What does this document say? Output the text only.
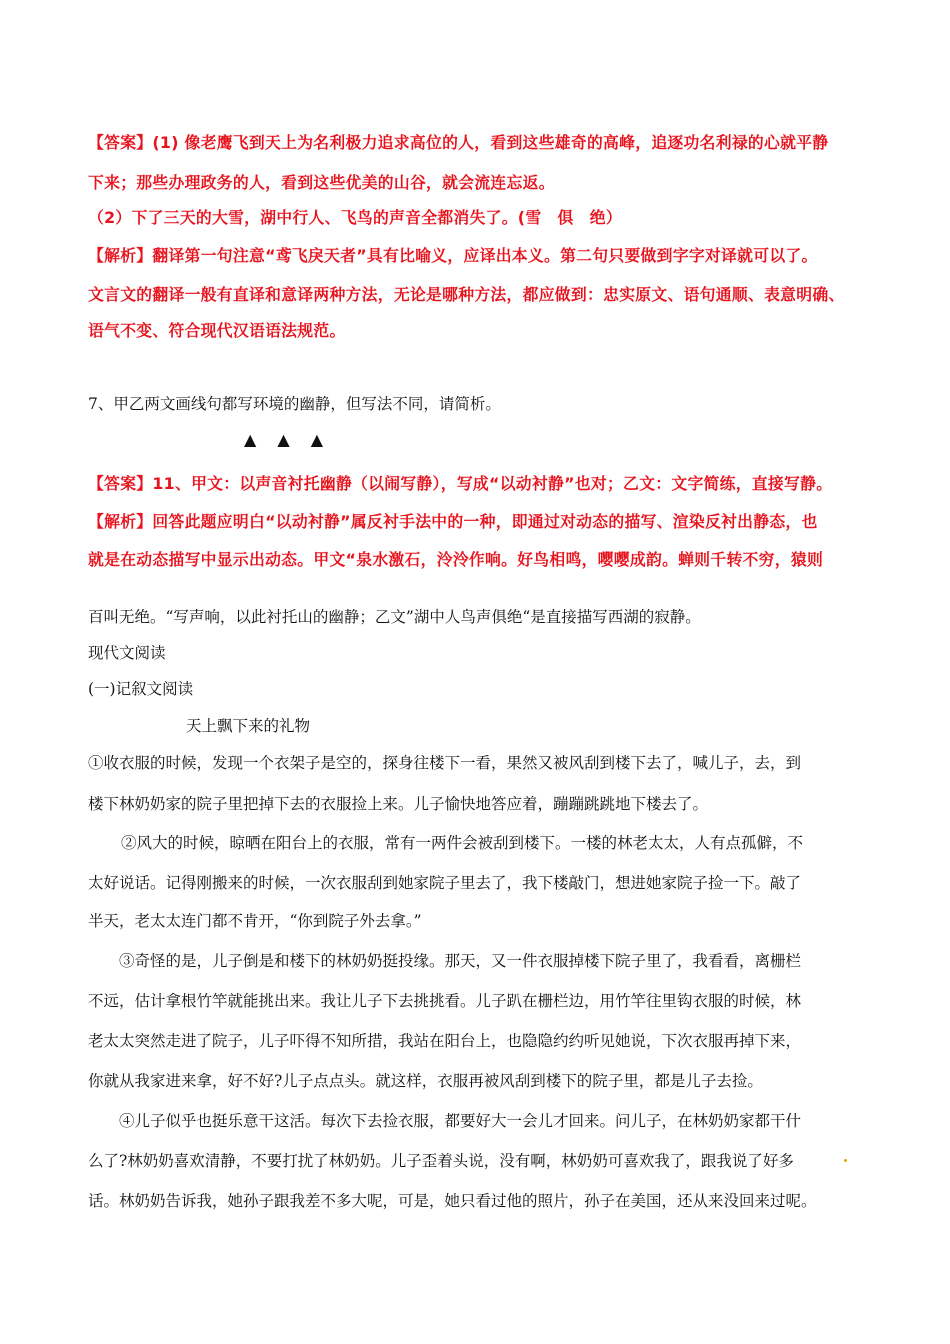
【答案】(1) 像老鹰飞到天上为名利极力追求高位的人，看到这些雄奇的高峰，追逐功名利禄的心就平静
下来；那些办理政务的人，看到这些优美的山谷，就会流连忘返。
（2）下了三天的大雪，湖中行人、飞鸟的声音全都消失了。(雪　俱　绝）
【解析】翻译第一句注意“鸢飞戾天者”具有比喻义，应译出本义。第二句只要做到字字对译就可以了。
文言文的翻译一般有直译和意译两种方法，无论是哪种方法，都应做到：忠实原文、语句通顺、表意明确、
语气不变、符合现代汉语语法规范。
7、甲乙两文画线句都写环境的幽静，但写法不同，请简析。
▲ ▲ ▲
【答案】11、甲文：以声音衬托幽静（以闹写静），写成“以动衬静”也对；乙文：文字简练，直接写静。
【解析】回答此题应明白“以动衬静”属反衬手法中的一种，即通过对动态的描写、渲染反衬出静态，也
就是在动态描写中显示出动态。甲文“泉水激石，泠泠作响。好鸟相鸣，嘤嘤成韵。蝉则千转不穷，猿则
百叫无绝。“写声响，以此衬托山的幽静；乙文”湖中人鸟声俱绝“是直接描写西湖的寂静。
现代文阅读
(一)记叙文阅读
天上飘下来的礼物
①收衣服的时候，发现一个衣架子是空的，探身往楼下一看，果然又被风刮到楼下去了，喊儿子，去，到
楼下林奶奶家的院子里把掉下去的衣服捡上来。儿子愉快地答应着，蹦蹦跳跳地下楼去了。
②风大的时候，晾晒在阳台上的衣服，常有一两件会被刮到楼下。一楼的林老太太，人有点孤僻，不
太好说话。记得刚搬来的时候，一次衣服刮到她家院子里去了，我下楼敲门，想进她家院子捡一下。敲了
半天，老太太连门都不肯开，“你到院子外去拿。”
③奇怪的是，儿子倒是和楼下的林奶奶挺投缘。那天，又一件衣服掉楼下院子里了，我看看，离栅栏
不远，估计拿根竹竿就能挑出来。我让儿子下去挑挑看。儿子趴在栅栏边，用竹竿往里钩衣服的时候，林
老太太突然走进了院子，儿子吓得不知所措，我站在阳台上，也隐隐约约听见她说，下次衣服再掉下来，
你就从我家进来拿，好不好?儿子点点头。就这样，衣服再被风刮到楼下的院子里，都是儿子去捡。
④儿子似乎也挺乐意干这活。每次下去捡衣服，都要好大一会儿才回来。问儿子，在林奶奶家都干什
么了?林奶奶喜欢清静，不要打扰了林奶奶。儿子歪着头说，没有啊，林奶奶可喜欢我了，跟我说了好多
话。林奶奶告诉我，她孙子跟我差不多大呢，可是，她只看过他的照片，孙子在美国，还从来没回来过呢。
